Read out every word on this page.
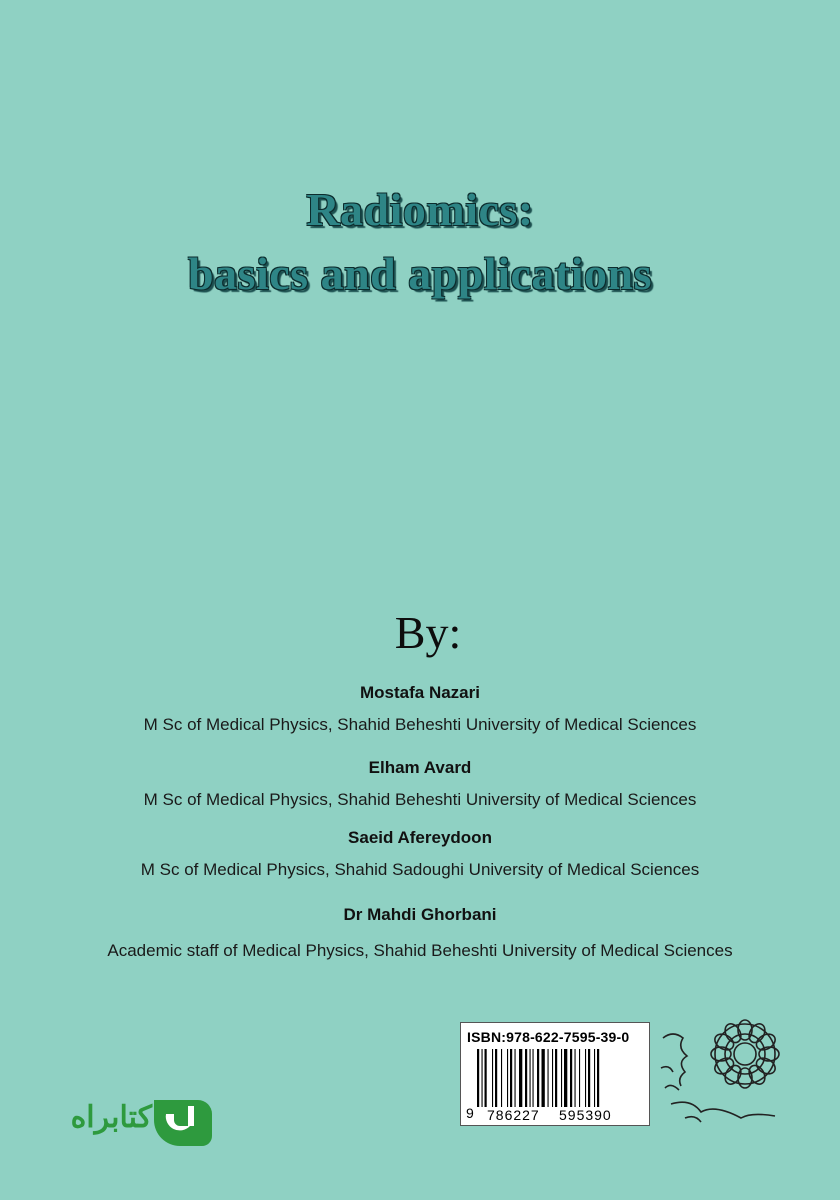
Radiomics:
basics and applications
By:
Mostafa Nazari
M Sc of Medical Physics, Shahid Beheshti University of Medical Sciences
Elham Avard
M Sc of Medical Physics, Shahid Beheshti University of Medical Sciences
Saeid Afereydoon
M Sc of Medical Physics, Shahid Sadoughi University of Medical Sciences
Dr Mahdi Ghorbani
Academic staff of Medical Physics, Shahid Beheshti University of Medical Sciences
ISBN:978-622-7595-39-0
9 786227 595390
کتابراه
